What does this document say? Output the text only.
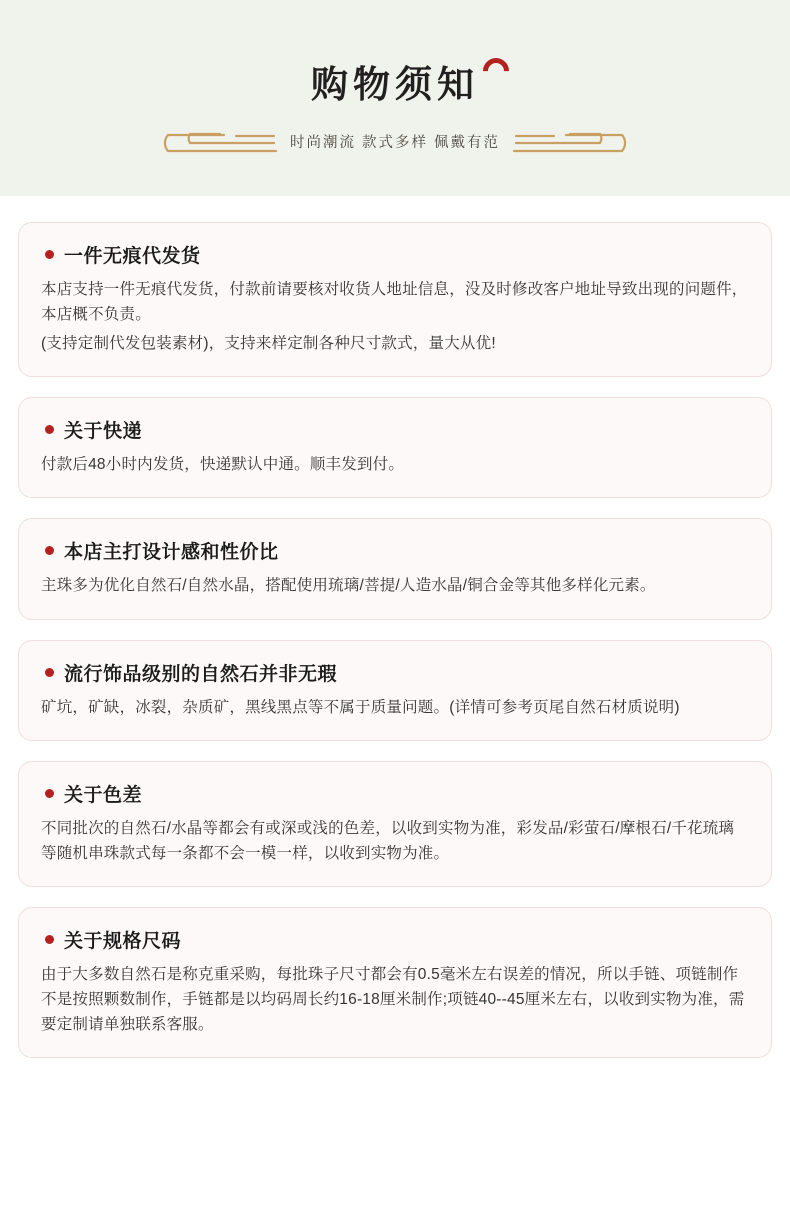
购物须知
时尚潮流 款式多样 佩戴有范
一件无痕代发货

本店支持一件无痕代发货，付款前请要核对收货人地址信息，没及时修改客户地址导致出现的问题件，本店概不负责。

(支持定制代发包装素材)，支持来样定制各种尺寸款式，量大从优!

关于快递

付款后48小时内发货，快递默认中通。顺丰发到付。

本店主打设计感和性价比

主珠多为优化自然石/自然水晶，搭配使用琉璃/菩提/人造水晶/铜合金等其他多样化元素。

流行饰品级别的自然石并非无瑕

矿坑，矿缺，冰裂，杂质矿，黑线黑点等不属于质量问题。(详情可参考页尾自然石材质说明)

关于色差

不同批次的自然石/水晶等都会有或深或浅的色差，以收到实物为准，彩发品/彩萤石/摩根石/千花琉璃等随机串珠款式每一条都不会一模一样，以收到实物为准。

关于规格尺码

由于大多数自然石是称克重采购，每批珠子尺寸都会有0.5毫米左右误差的情况，所以手链、项链制作不是按照颗数制作，手链都是以均码周长约16-18厘米制作;项链40--45厘米左右，以收到实物为准，需要定制请单独联系客服。
